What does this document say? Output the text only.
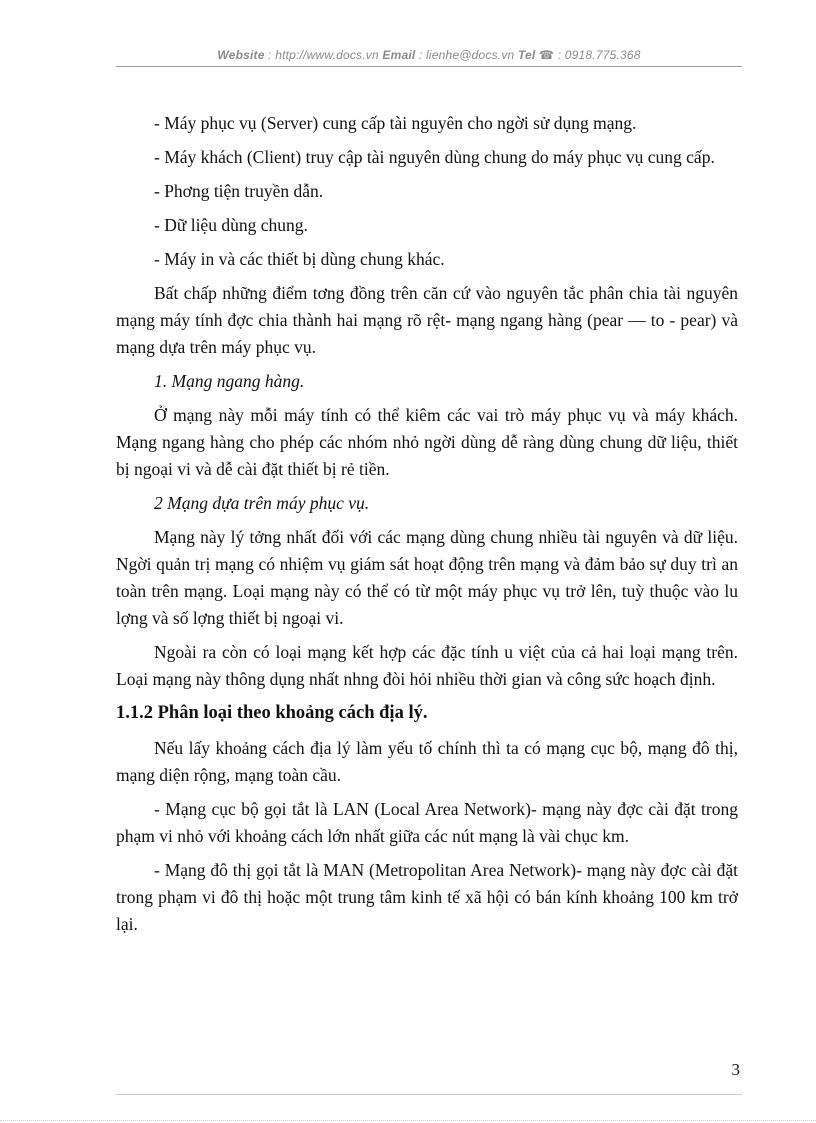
Website : http://www.docs.vn Email : lienhe@docs.vn Tel ☎ : 0918.775.368

- Máy phục vụ (Server) cung cấp tài nguyên cho ngời sử dụng mạng.

- Máy khách (Client) truy cập tài nguyên dùng chung do máy phục vụ cung cấp.

- Phơng tiện truyền dẫn.

- Dữ liệu dùng chung.

- Máy in và các thiết bị dùng chung khác.

Bất chấp những điểm tơng đồng trên căn cứ vào nguyên tắc phân chia tài nguyên mạng máy tính đợc chia thành hai mạng rõ rệt- mạng ngang hàng (pear — to - pear) và mạng dựa trên máy phục vụ.

1. Mạng ngang hàng.

Ở mạng này mỗi máy tính có thể kiêm các vai trò máy phục vụ và máy khách. Mạng ngang hàng cho phép các nhóm nhỏ ngời dùng dễ ràng dùng chung dữ liệu, thiết bị ngoại vi và dễ cài đặt thiết bị rẻ tiền.

2 Mạng dựa trên máy phục vụ.

Mạng này lý tởng nhất đối với các mạng dùng chung nhiều tài nguyên và dữ liệu. Ngời quản trị mạng có nhiệm vụ giám sát hoạt động trên mạng và đảm bảo sự duy trì an toàn trên mạng. Loại mạng này có thể có từ một máy phục vụ trở lên, tuỳ thuộc vào lu lợng và số lợng thiết bị ngoại vi.

Ngoài ra còn có loại mạng kết hợp các đặc tính u việt của cả hai loại mạng trên. Loại mạng này thông dụng nhất nhng đòi hỏi nhiều thời gian và công sức hoạch định.

1.1.2 Phân loại theo khoảng cách địa lý.

Nếu lấy khoảng cách địa lý làm yếu tố chính thì ta có mạng cục bộ, mạng đô thị, mạng diện rộng, mạng toàn cầu.

- Mạng cục bộ gọi tắt là LAN (Local Area Network)- mạng này đợc cài đặt trong phạm vi nhỏ với khoảng cách lớn nhất giữa các nút mạng là vài chục km.

- Mạng đô thị gọi tắt là MAN (Metropolitan Area Network)- mạng này đợc cài đặt trong phạm vi đô thị hoặc một trung tâm kinh tế xã hội có bán kính khoảng 100 km trở lại.

3
